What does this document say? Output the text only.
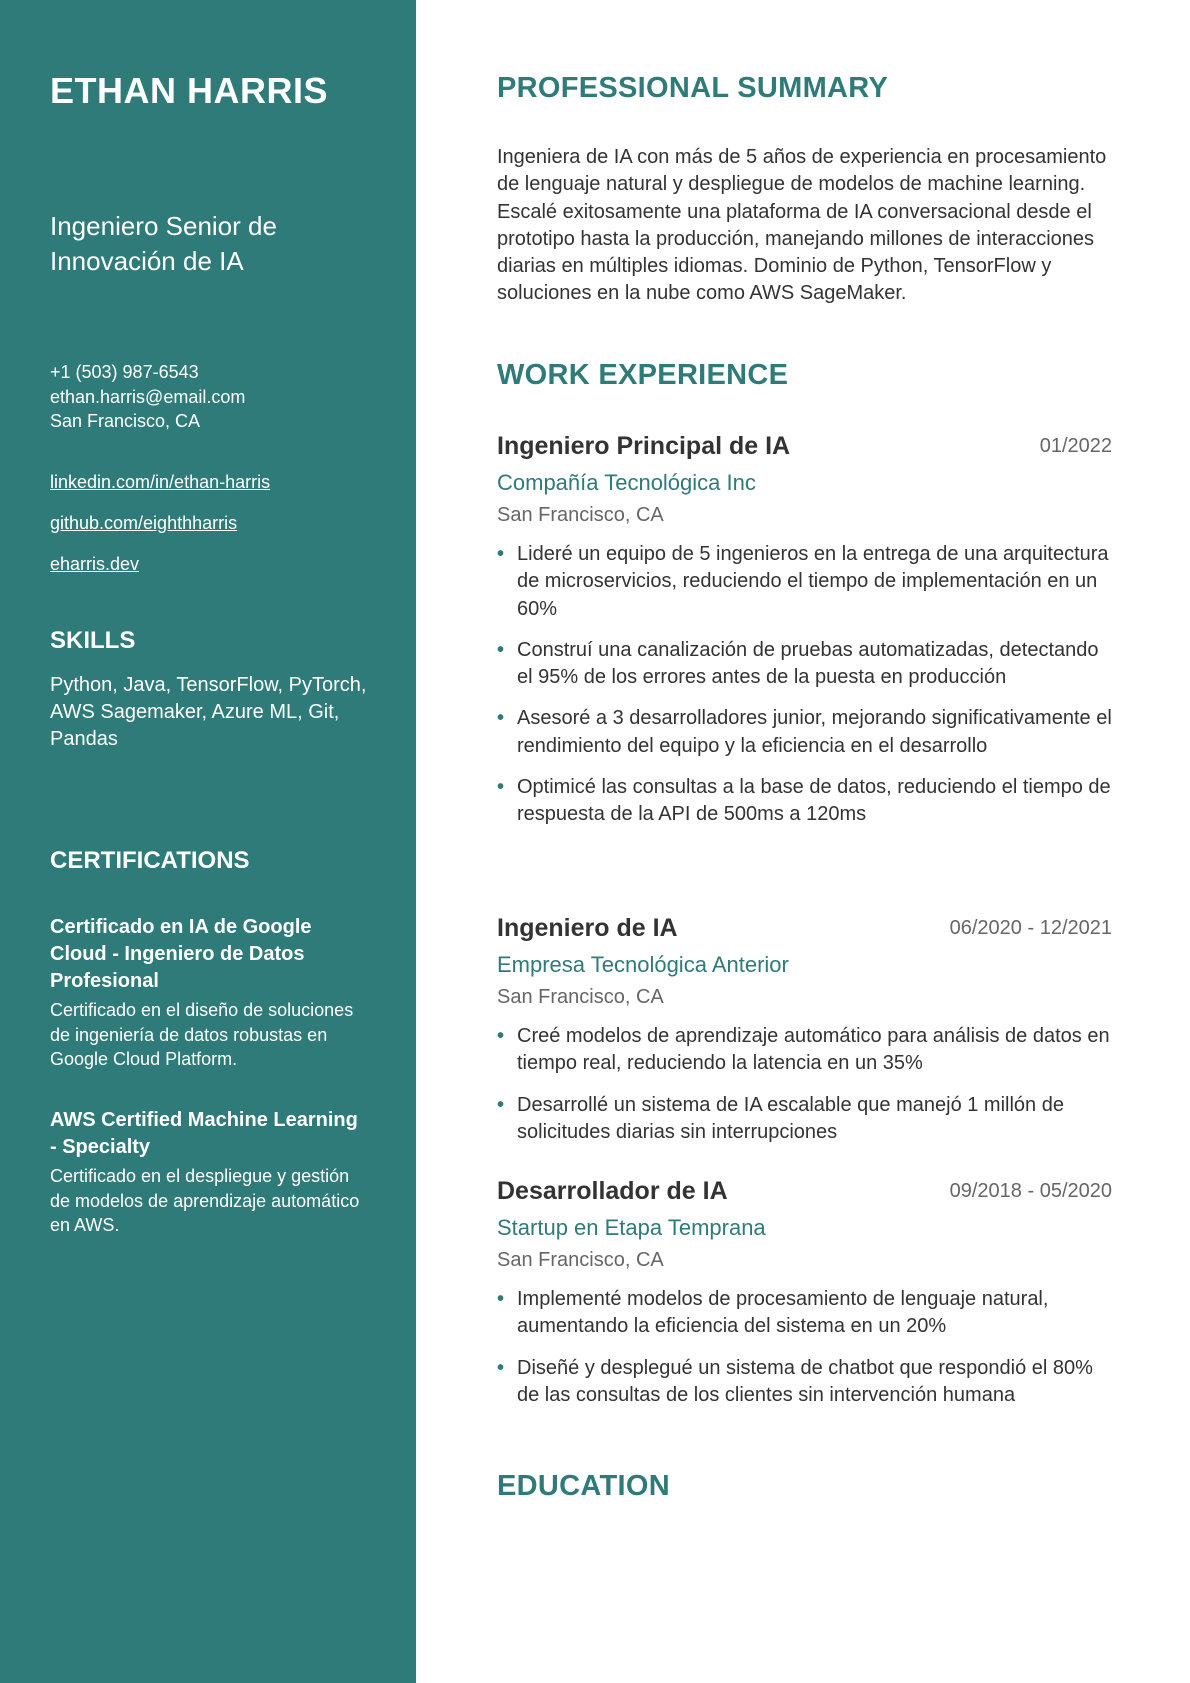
ETHAN HARRIS
Ingeniero Senior de Innovación de IA
+1 (503) 987-6543
ethan.harris@email.com
San Francisco, CA
linkedin.com/in/ethan-harris
github.com/eighthharris
eharris.dev
SKILLS
Python, Java, TensorFlow, PyTorch, AWS Sagemaker, Azure ML, Git, Pandas
CERTIFICATIONS
Certificado en IA de Google Cloud - Ingeniero de Datos Profesional
Certificado en el diseño de soluciones de ingeniería de datos robustas en Google Cloud Platform.
AWS Certified Machine Learning - Specialty
Certificado en el despliegue y gestión de modelos de aprendizaje automático en AWS.
PROFESSIONAL SUMMARY
Ingeniera de IA con más de 5 años de experiencia en procesamiento de lenguaje natural y despliegue de modelos de machine learning. Escalé exitosamente una plataforma de IA conversacional desde el prototipo hasta la producción, manejando millones de interacciones diarias en múltiples idiomas. Dominio de Python, TensorFlow y soluciones en la nube como AWS SageMaker.
WORK EXPERIENCE
Ingeniero Principal de IA	01/2022
Compañía Tecnológica Inc
San Francisco, CA
• Lideré un equipo de 5 ingenieros en la entrega de una arquitectura de microservicios, reduciendo el tiempo de implementación en un 60%
• Construí una canalización de pruebas automatizadas, detectando el 95% de los errores antes de la puesta en producción
• Asesoré a 3 desarrolladores junior, mejorando significativamente el rendimiento del equipo y la eficiencia en el desarrollo
• Optimicé las consultas a la base de datos, reduciendo el tiempo de respuesta de la API de 500ms a 120ms
Ingeniero de IA	06/2020 - 12/2021
Empresa Tecnológica Anterior
San Francisco, CA
• Creé modelos de aprendizaje automático para análisis de datos en tiempo real, reduciendo la latencia en un 35%
• Desarrollé un sistema de IA escalable que manejó 1 millón de solicitudes diarias sin interrupciones
Desarrollador de IA	09/2018 - 05/2020
Startup en Etapa Temprana
San Francisco, CA
• Implementé modelos de procesamiento de lenguaje natural, aumentando la eficiencia del sistema en un 20%
• Diseñé y desplegué un sistema de chatbot que respondió el 80% de las consultas de los clientes sin intervención humana
EDUCATION
